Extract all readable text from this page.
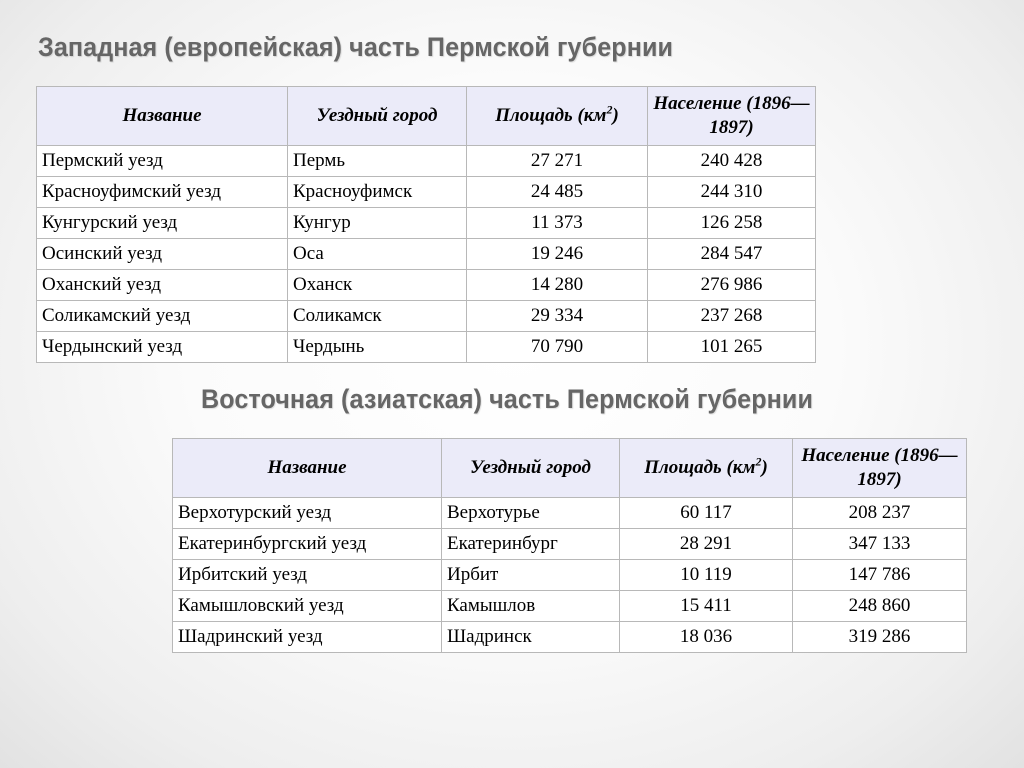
Западная (европейская) часть Пермской губернии
Название	Уездный город	Площадь $(км^2)$	Население (1896—1897)
Пермский уезд	Пермь	27 271	240 428
Красноуфимский уезд	Красноуфимск	24 485	244 310
Кунгурский уезд	Кунгур	11 373	126 258
Осинский уезд	Оса	19 246	284 547
Оханский уезд	Оханск	14 280	276 986
Соликамский уезд	Соликамск	29 334	237 268
Чердынский уезд	Чердынь	70 790	101 265
Восточная (азиатская) часть Пермской губернии
Название	Уездный город	Площадь $(км^2)$	Население (1896—1897)
Верхотурский уезд	Верхотурье	60 117	208 237
Екатеринбургский уезд	Екатеринбург	28 291	347 133
Ирбитский уезд	Ирбит	10 119	147 786
Камышловский уезд	Камышлов	15 411	248 860
Шадринский уезд	Шадринск	18 036	319 286
